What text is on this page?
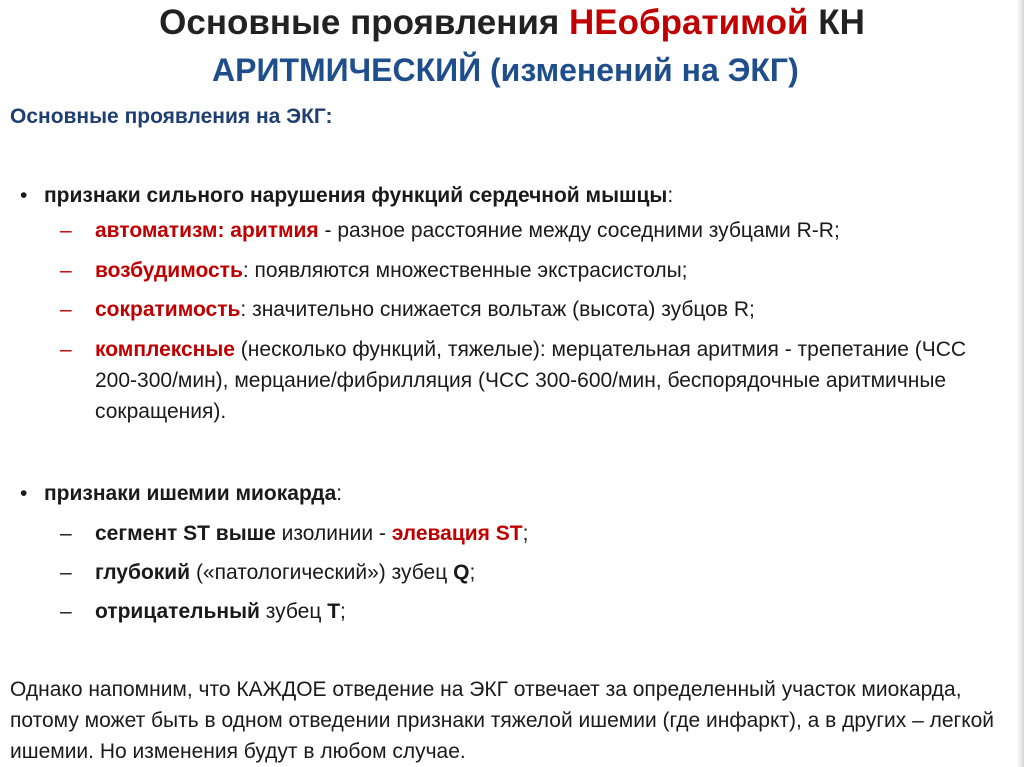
Основные проявления НЕобратимой КН
АРИТМИЧЕСКИЙ (изменений на ЭКГ)
Основные проявления на ЭКГ:
• признаки сильного нарушения функций сердечной мышцы:
– автоматизм: аритмия - разное расстояние между соседними зубцами R-R;
– возбудимость: появляются множественные экстрасистолы;
– сократимость: значительно снижается вольтаж (высота) зубцов R;
– комплексные (несколько функций, тяжелые): мерцательная аритмия - трепетание (ЧСС 200-300/мин), мерцание/фибрилляция (ЧСС 300-600/мин, беспорядочные аритмичные сокращения).
• признаки ишемии миокарда:
– сегмент ST выше изолинии - элевация ST;
– глубокий («патологический») зубец Q;
– отрицательный зубец T;
Однако напомним, что КАЖДОЕ отведение на ЭКГ отвечает за определенный участок миокарда, потому может быть в одном отведении признаки тяжелой ишемии (где инфаркт), а в других – легкой ишемии. Но изменения будут в любом случае.
